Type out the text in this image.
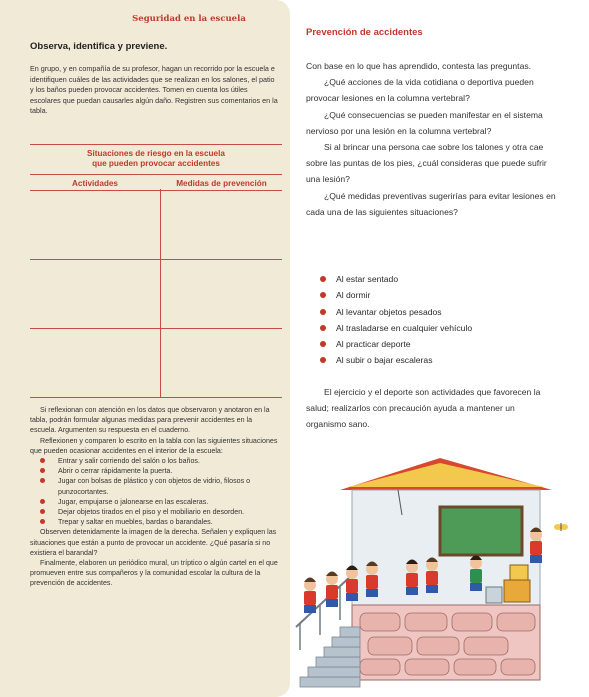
Seguridad en la escuela
Observa, identifica y previene.
En grupo, y en compañía de su profesor, hagan un recorrido por la escuela e identifiquen cuáles de las actividades que se realizan en los salones, el patio y los baños pueden provocar accidentes. Tomen en cuenta los útiles escolares que puedan causarles algún daño. Registren sus comentarios en la tabla.
Situaciones de riesgo en la escuela
que pueden provocar accidentes
Actividades	Medidas de prevención

Si reflexionan con atención en los datos que observaron y anotaron en la tabla, podrán formular algunas medidas para prevenir accidentes en la escuela. Argumenten su respuesta en el cuaderno.

Reflexionen y comparen lo escrito en la tabla con las siguientes situaciones que pueden ocasionar accidentes en el interior de la escuela:

Entrar y salir corriendo del salón o los baños.
Abrir o cerrar rápidamente la puerta.
Jugar con bolsas de plástico y con objetos de vidrio, filosos o punzocortantes.
Jugar, empujarse o jalonearse en las escaleras.
Dejar objetos tirados en el piso y el mobiliario en desorden.
Trepar y saltar en muebles, bardas o barandales.

Observen detenidamente la imagen de la derecha. Señalen y expliquen las situaciones que están a punto de provocar un accidente. ¿Qué pasaría si no existiera el barandal?

Finalmente, elaboren un periódico mural, un tríptico o algún cartel en el que promueven entre sus compañeros y la comunidad escolar la cultura de la prevención de accidentes.

Prevención de accidentes

Con base en lo que has aprendido, contesta las preguntas.

¿Qué acciones de la vida cotidiana o deportiva pueden provocar lesiones en la columna vertebral?

¿Qué consecuencias se pueden manifestar en el sistema nervioso por una lesión en la columna vertebral?

Si al brincar una persona cae sobre los talones y otra cae sobre las puntas de los pies, ¿cuál consideras que puede sufrir una lesión?

¿Qué medidas preventivas sugerirías para evitar lesiones en cada una de las siguientes situaciones?

Al estar sentado
Al dormir
Al levantar objetos pesados
Al trasladarse en cualquier vehículo
Al practicar deporte
Al subir o bajar escaleras
El ejercicio y el deporte son actividades que favorecen la salud; realizarlos con precaución ayuda a mantener un organismo sano.
